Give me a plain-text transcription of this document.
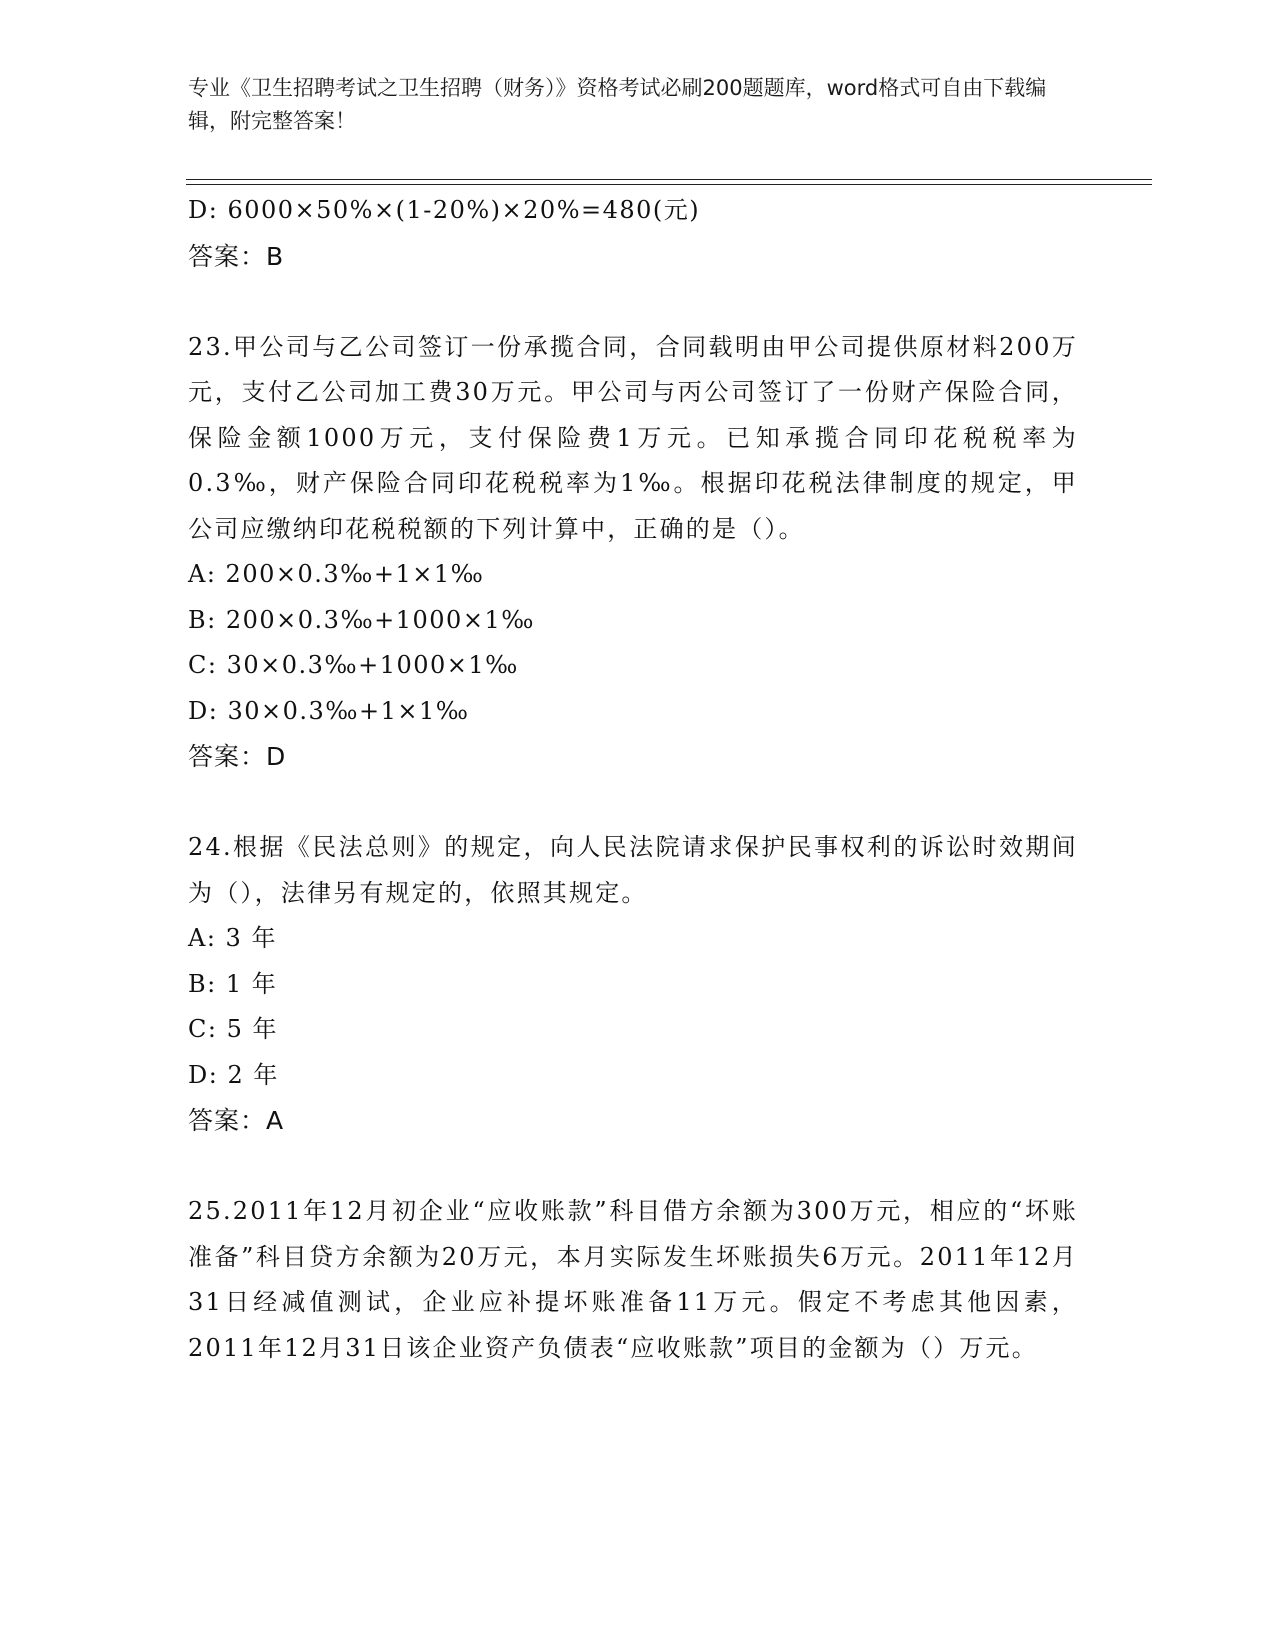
专业《卫生招聘考试之卫生招聘（财务）》资格考试必刷200题题库，word格式可自由下载编辑，附完整答案！
D: 6000×50%×(1-20%)×20%=480(元)
答案：B
23.甲公司与乙公司签订一份承揽合同，合同载明由甲公司提供原材料200万元，支付乙公司加工费30万元。甲公司与丙公司签订了一份财产保险合同，保险金额1000万元，支付保险费1万元。已知承揽合同印花税税率为0.3‰，财产保险合同印花税税率为1‰。根据印花税法律制度的规定，甲公司应缴纳印花税税额的下列计算中，正确的是（）。
A: 200×0.3‰+1×1‰
B: 200×0.3‰+1000×1‰
C: 30×0.3‰+1000×1‰
D: 30×0.3‰+1×1‰
答案：D
24.根据《民法总则》的规定，向人民法院请求保护民事权利的诉讼时效期间为（），法律另有规定的，依照其规定。
A: 3 年
B: 1 年
C: 5 年
D: 2 年
答案：A
25.2011年12月初企业“应收账款”科目借方余额为300万元，相应的“坏账准备”科目贷方余额为20万元，本月实际发生坏账损失6万元。2011年12月31日经减值测试，企业应补提坏账准备11万元。假定不考虑其他因素，2011年12月31日该企业资产负债表“应收账款”项目的金额为（）万元。
